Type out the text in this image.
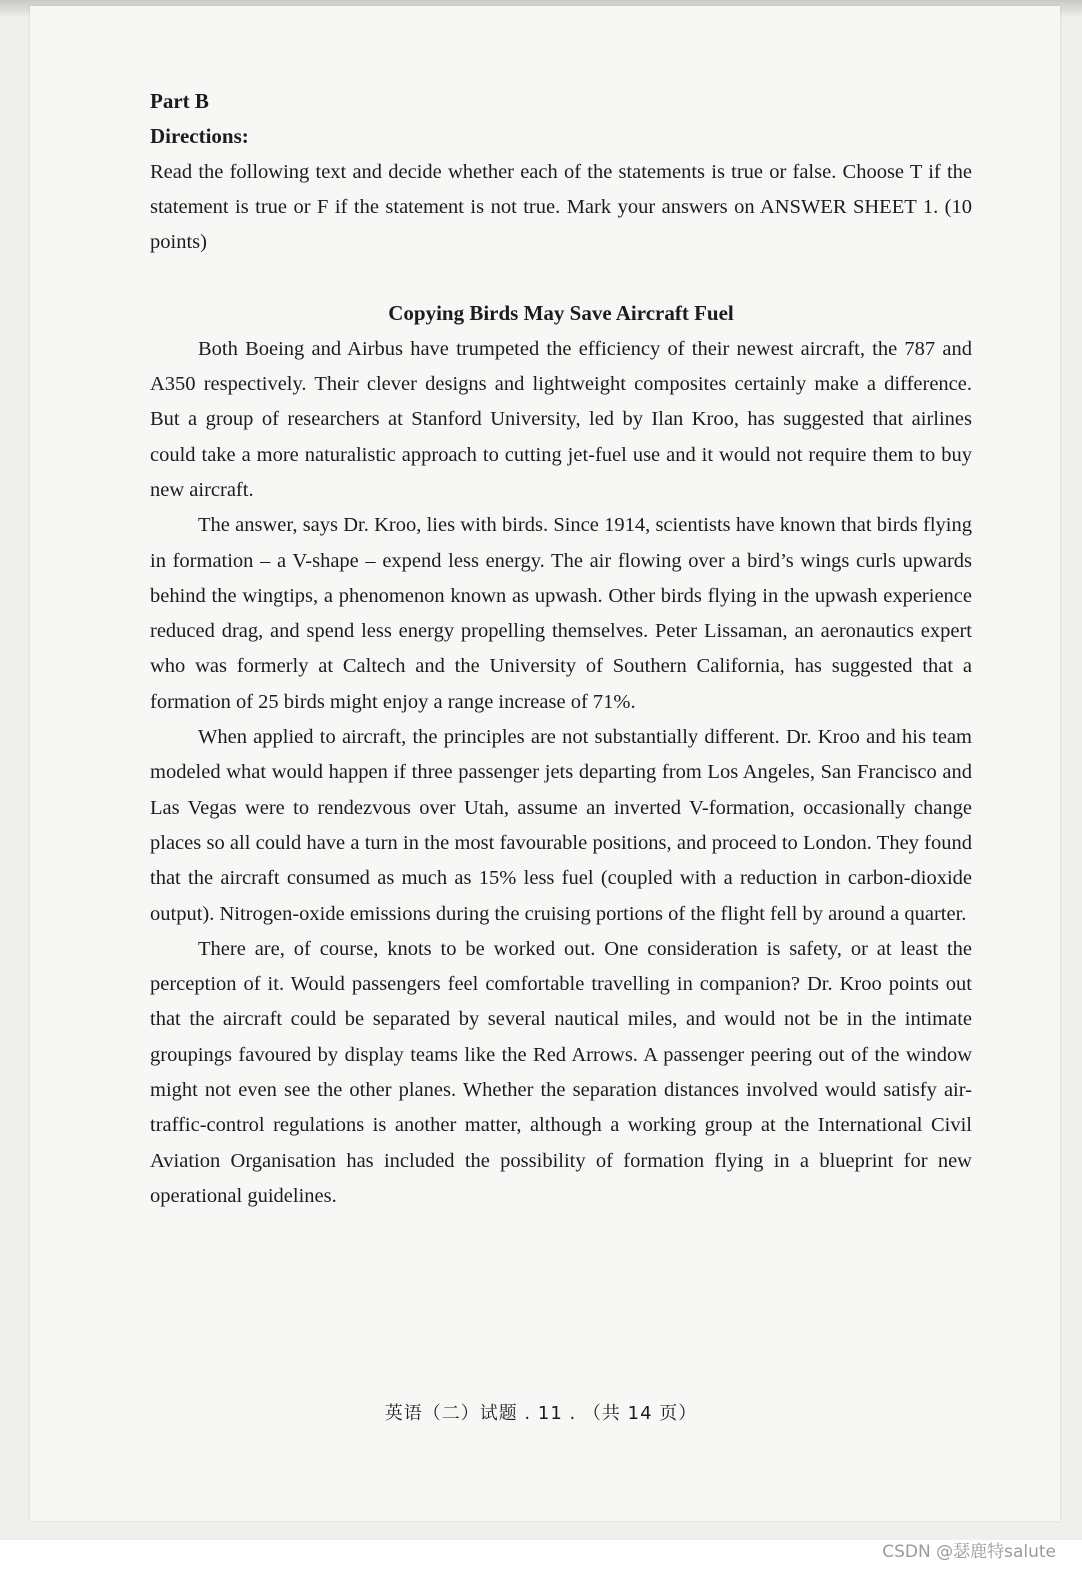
Part B

Directions:

Read the following text and decide whether each of the statements is true or false. Choose T if the statement is true or F if the statement is not true. Mark your answers on ANSWER SHEET 1. (10 points)

Copying Birds May Save Aircraft Fuel

Both Boeing and Airbus have trumpeted the efficiency of their newest aircraft, the 787 and A350 respectively. Their clever designs and lightweight composites certainly make a difference. But a group of researchers at Stanford University, led by Ilan Kroo, has suggested that airlines could take a more naturalistic approach to cutting jet-fuel use and it would not require them to buy new aircraft.

The answer, says Dr. Kroo, lies with birds. Since 1914, scientists have known that birds flying in formation – a V-shape – expend less energy. The air flowing over a bird’s wings curls upwards behind the wingtips, a phenomenon known as upwash. Other birds flying in the upwash experience reduced drag, and spend less energy propelling themselves. Peter Lissaman, an aeronautics expert who was formerly at Caltech and the University of Southern California, has suggested that a formation of 25 birds might enjoy a range increase of 71%.

When applied to aircraft, the principles are not substantially different. Dr. Kroo and his team modeled what would happen if three passenger jets departing from Los Angeles, San Francisco and Las Vegas were to rendezvous over Utah, assume an inverted V-formation, occasionally change places so all could have a turn in the most favourable positions, and proceed to London. They found that the aircraft consumed as much as 15% less fuel (coupled with a reduction in carbon-dioxide output). Nitrogen-oxide emissions during the cruising portions of the flight fell by around a quarter.

There are, of course, knots to be worked out. One consideration is safety, or at least the perception of it. Would passengers feel comfortable travelling in companion? Dr. Kroo points out that the aircraft could be separated by several nautical miles, and would not be in the intimate groupings favoured by display teams like the Red Arrows. A passenger peering out of the window might not even see the other planes. Whether the separation distances involved would satisfy air-traffic-control regulations is another matter, although a working group at the International Civil Aviation Organisation has included the possibility of formation flying in a blueprint for new operational guidelines.

英语（二）试题 . 11 . （共 14 页）
CSDN @瑟鹿特salute
